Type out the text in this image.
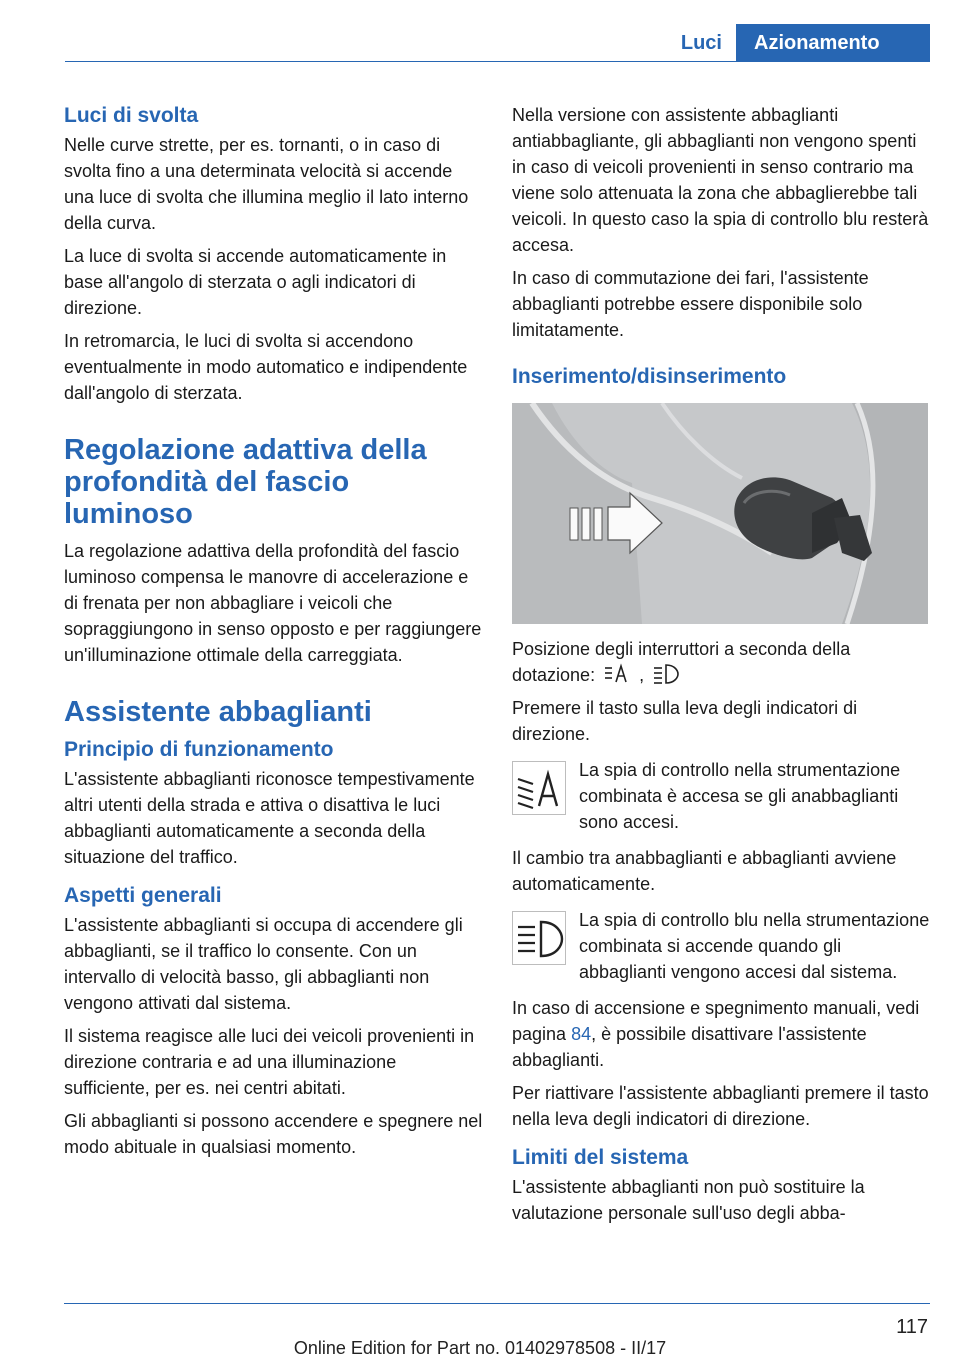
Luci	Azionamento
Luci di svolta

Nelle curve strette, per es. tornanti, o in caso di svolta fino a una determinata velocità si accende una luce di svolta che illumina meglio il lato interno della curva.

La luce di svolta si accende automaticamente in base all'angolo di sterzata o agli indicatori di direzione.

In retromarcia, le luci di svolta si accendono eventualmente in modo automatico e indipendente dall'angolo di sterzata.

Regolazione adattiva della profondità del fascio luminoso

La regolazione adattiva della profondità del fascio luminoso compensa le manovre di accelerazione e di frenata per non abbagliare i veicoli che sopraggiungono in senso opposto e per raggiungere un'illuminazione ottimale della carreggiata.

Assistente abbaglianti
Principio di funzionamento

L'assistente abbaglianti riconosce tempestivamente altri utenti della strada e attiva o disattiva le luci abbaglianti automaticamente a seconda della situazione del traffico.

Aspetti generali

L'assistente abbaglianti si occupa di accendere gli abbaglianti, se il traffico lo consente. Con un intervallo di velocità basso, gli abbaglianti non vengono attivati dal sistema.

Il sistema reagisce alle luci dei veicoli provenienti in direzione contraria e ad una illuminazione sufficiente, per es. nei centri abitati.

Gli abbaglianti si possono accendere e spegnere nel modo abituale in qualsiasi momento.

Nella versione con assistente abbaglianti antiabbagliante, gli abbaglianti non vengono spenti in caso di veicoli provenienti in senso contrario ma viene solo attenuata la zona che abbaglierebbe tali veicoli. In questo caso la spia di controllo blu resterà accesa.

In caso di commutazione dei fari, l'assistente abbaglianti potrebbe essere disponibile solo limitatamente.

Inserimento/disinserimento

Posizione degli interruttori a seconda della dotazione: ,

Premere il tasto sulla leva degli indicatori di direzione.

La spia di controllo nella strumentazione combinata è accesa se gli anabbaglianti sono accesi.

Il cambio tra anabbaglianti e abbaglianti avviene automaticamente.

La spia di controllo blu nella strumentazione combinata si accende quando gli abbaglianti vengono accesi dal sistema.

In caso di accensione e spegnimento manuali, vedi pagina 84, è possibile disattivare l'assistente abbaglianti.

Per riattivare l'assistente abbaglianti premere il tasto nella leva degli indicatori di direzione.

Limiti del sistema

L'assistente abbaglianti non può sostituire la valutazione personale sull'uso degli abba-

117
Online Edition for Part no. 01402978508 - II/17
